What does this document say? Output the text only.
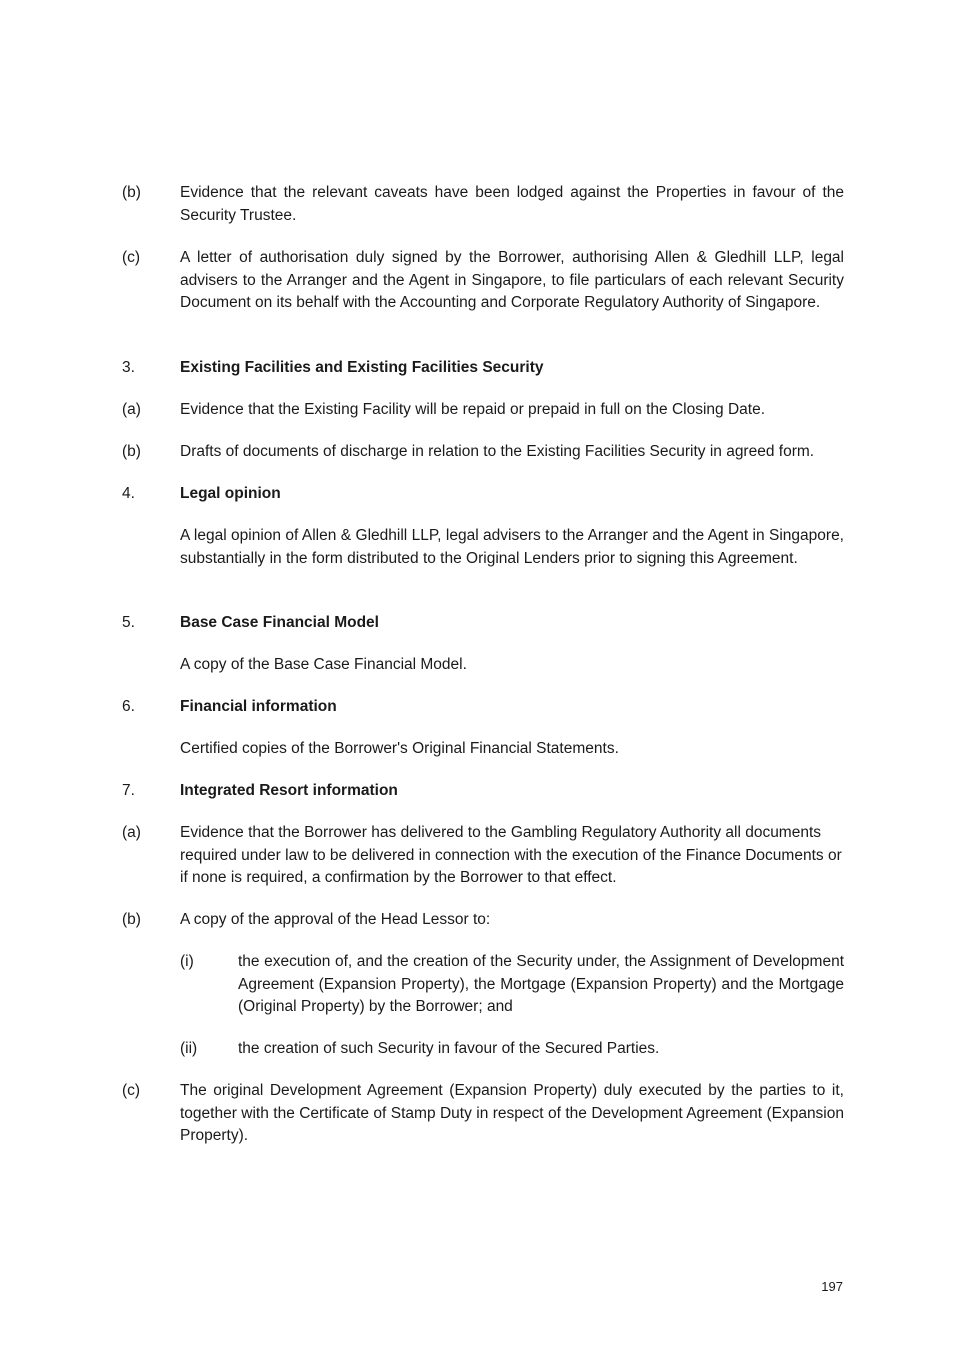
(b)	Evidence that the relevant caveats have been lodged against the Properties in favour of the Security Trustee.
(c)	A letter of authorisation duly signed by the Borrower, authorising Allen & Gledhill LLP, legal advisers to the Arranger and the Agent in Singapore, to file particulars of each relevant Security Document on its behalf with the Accounting and Corporate Regulatory Authority of Singapore.
3.	Existing Facilities and Existing Facilities Security
(a)	Evidence that the Existing Facility will be repaid or prepaid in full on the Closing Date.
(b)	Drafts of documents of discharge in relation to the Existing Facilities Security in agreed form.
4.	Legal opinion
A legal opinion of Allen & Gledhill LLP, legal advisers to the Arranger and the Agent in Singapore, substantially in the form distributed to the Original Lenders prior to signing this Agreement.
5.	Base Case Financial Model
A copy of the Base Case Financial Model.
6.	Financial information
Certified copies of the Borrower's Original Financial Statements.
7.	Integrated Resort information
(a)	Evidence that the Borrower has delivered to the Gambling Regulatory Authority all documents required under law to be delivered in connection with the execution of the Finance Documents or if none is required, a confirmation by the Borrower to that effect.
(b)	A copy of the approval of the Head Lessor to:
(i)	the execution of, and the creation of the Security under, the Assignment of Development Agreement (Expansion Property), the Mortgage (Expansion Property) and the Mortgage (Original Property) by the Borrower; and
(ii)	the creation of such Security in favour of the Secured Parties.
(c)	The original Development Agreement (Expansion Property) duly executed by the parties to it, together with the Certificate of Stamp Duty in respect of the Development Agreement (Expansion Property).
197
